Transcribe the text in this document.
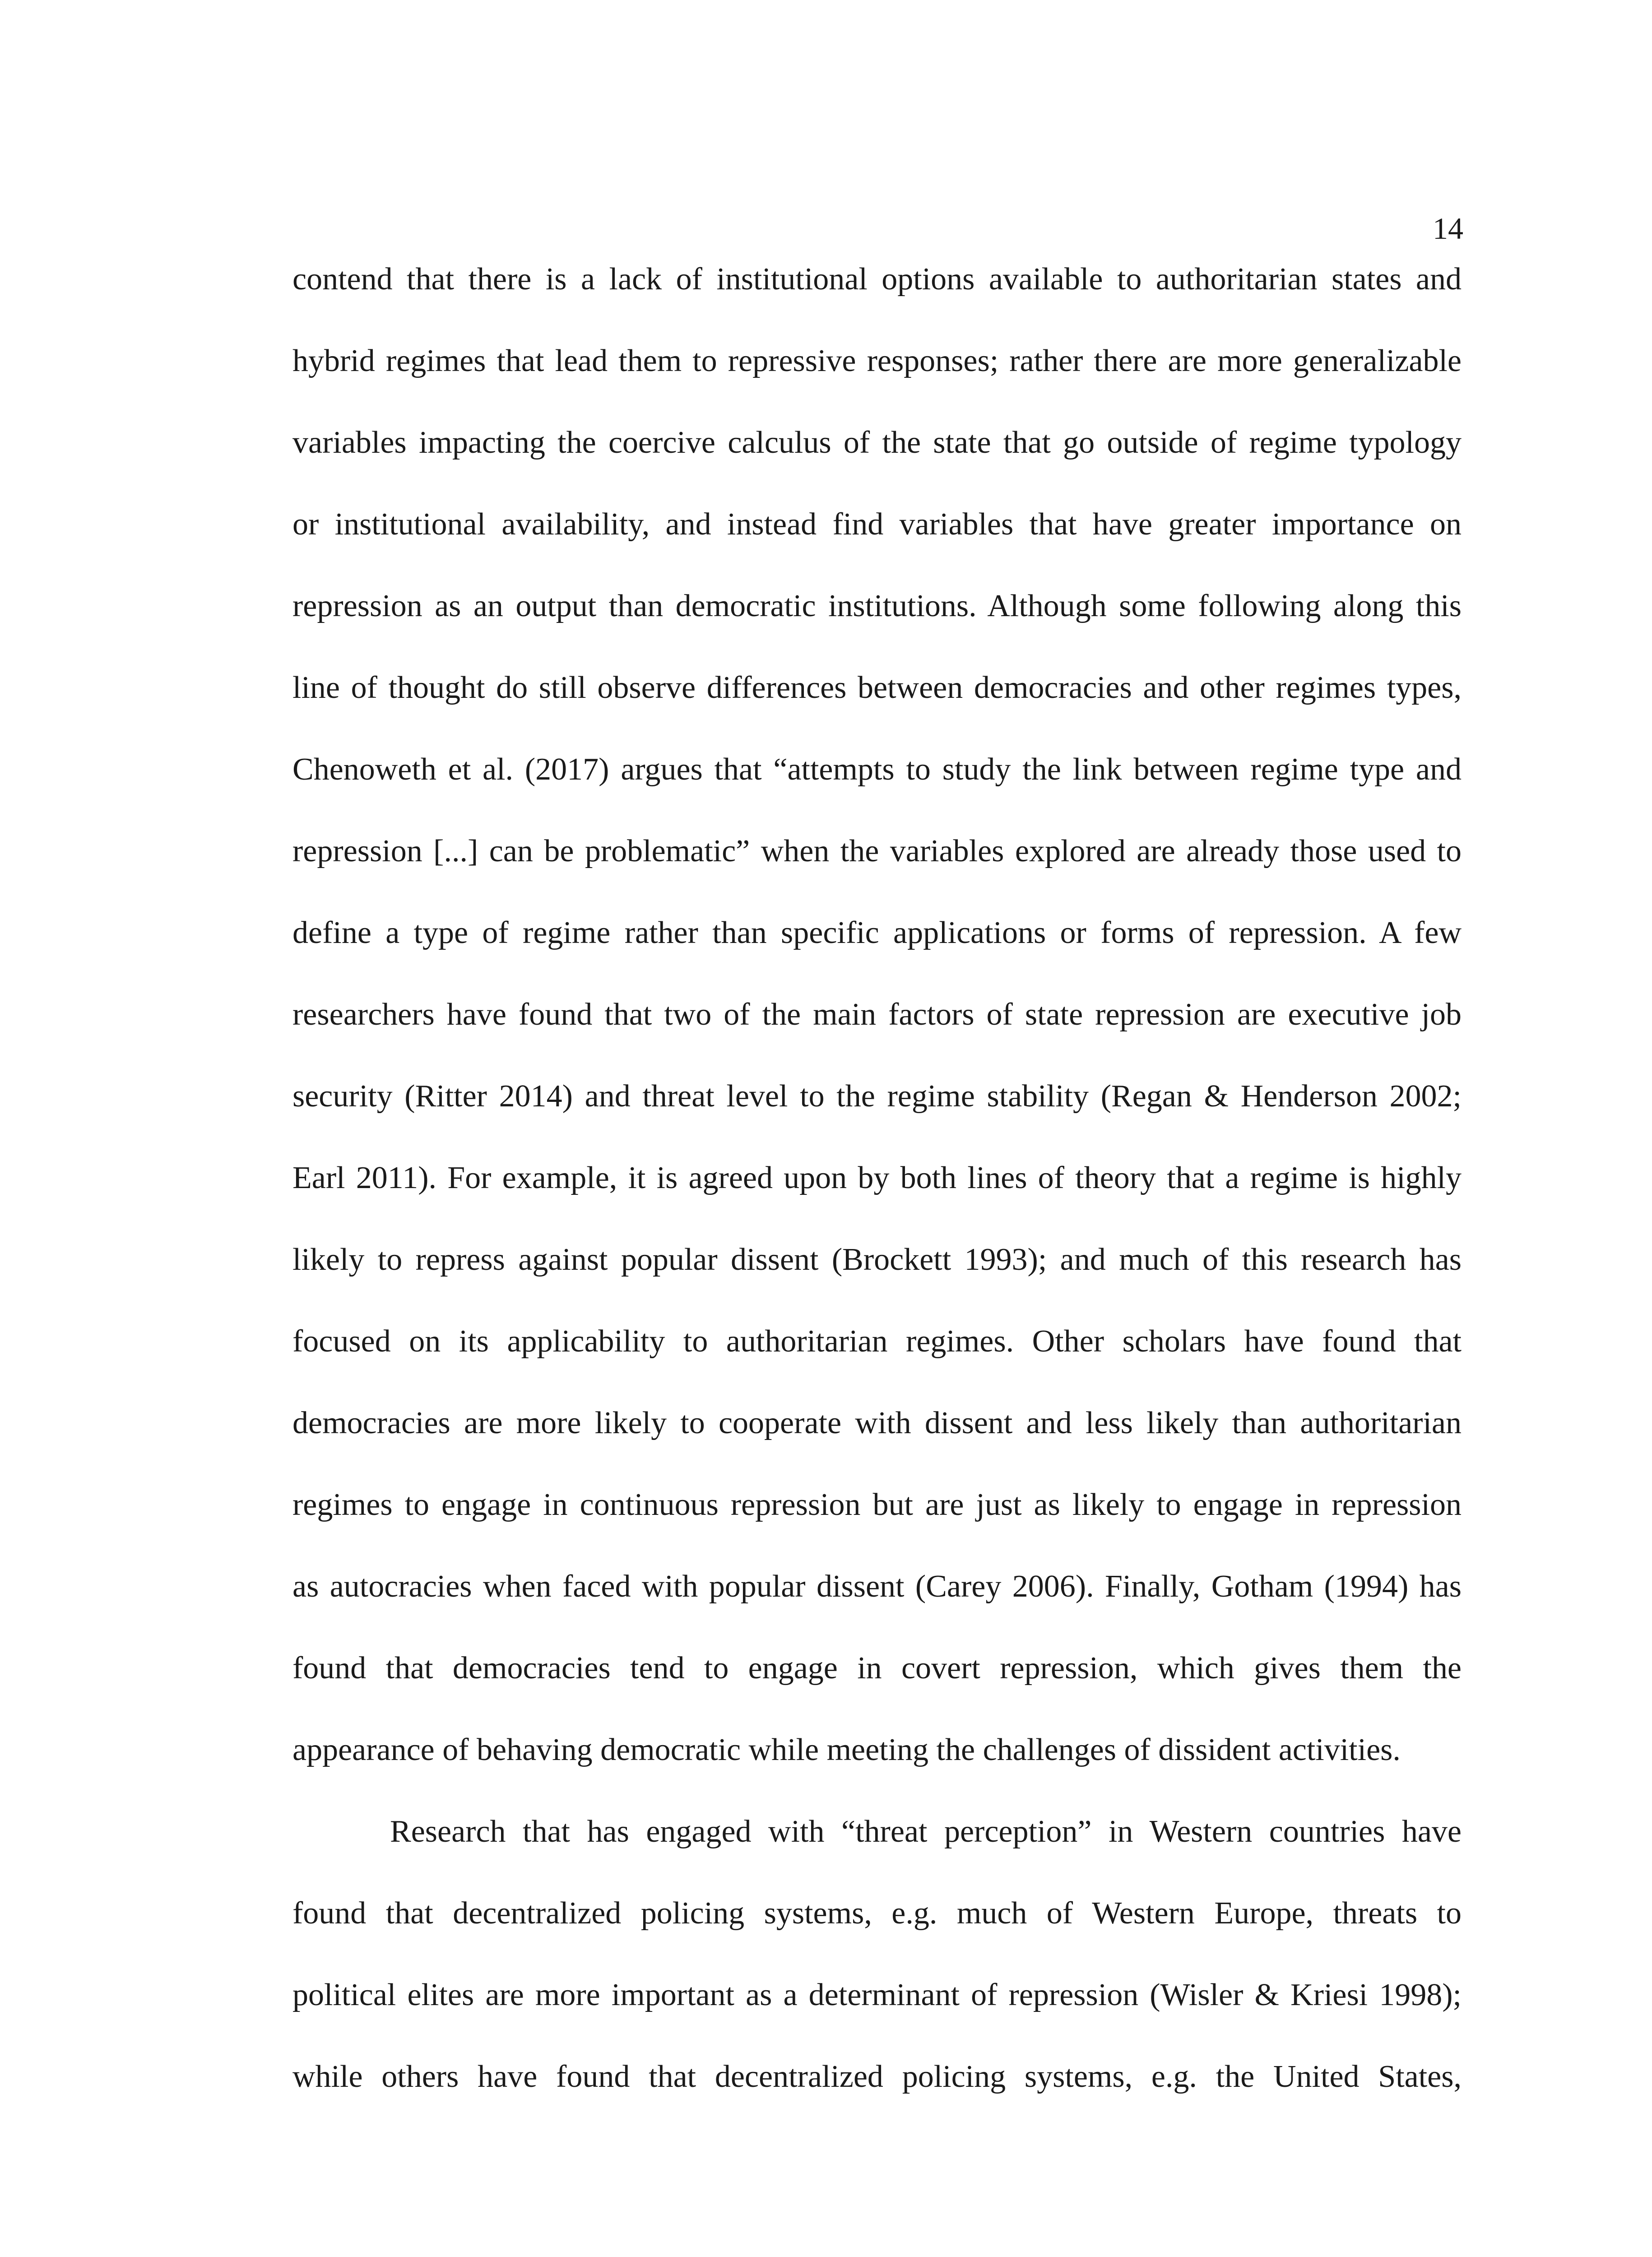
14
contend that there is a lack of institutional options available to authoritarian states and
hybrid regimes that lead them to repressive responses; rather there are more generalizable
variables impacting the coercive calculus of the state that go outside of regime typology
or institutional availability, and instead find variables that have greater importance on
repression as an output than democratic institutions. Although some following along this
line of thought do still observe differences between democracies and other regimes types,
Chenoweth et al. (2017) argues that “attempts to study the link between regime type and
repression [...] can be problematic” when the variables explored are already those used to
define a type of regime rather than specific applications or forms of repression. A few
researchers have found that two of the main factors of state repression are executive job
security (Ritter 2014) and threat level to the regime stability (Regan & Henderson 2002;
Earl 2011). For example, it is agreed upon by both lines of theory that a regime is highly
likely to repress against popular dissent (Brockett 1993); and much of this research has
focused on its applicability to authoritarian regimes. Other scholars have found that
democracies are more likely to cooperate with dissent and less likely than authoritarian
regimes to engage in continuous repression but are just as likely to engage in repression
as autocracies when faced with popular dissent (Carey 2006). Finally, Gotham (1994) has
found that democracies tend to engage in covert repression, which gives them the
appearance of behaving democratic while meeting the challenges of dissident activities.
Research that has engaged with “threat perception” in Western countries have
found that decentralized policing systems, e.g. much of Western Europe, threats to
political elites are more important as a determinant of repression (Wisler & Kriesi 1998);
while others have found that decentralized policing systems, e.g. the United States,
